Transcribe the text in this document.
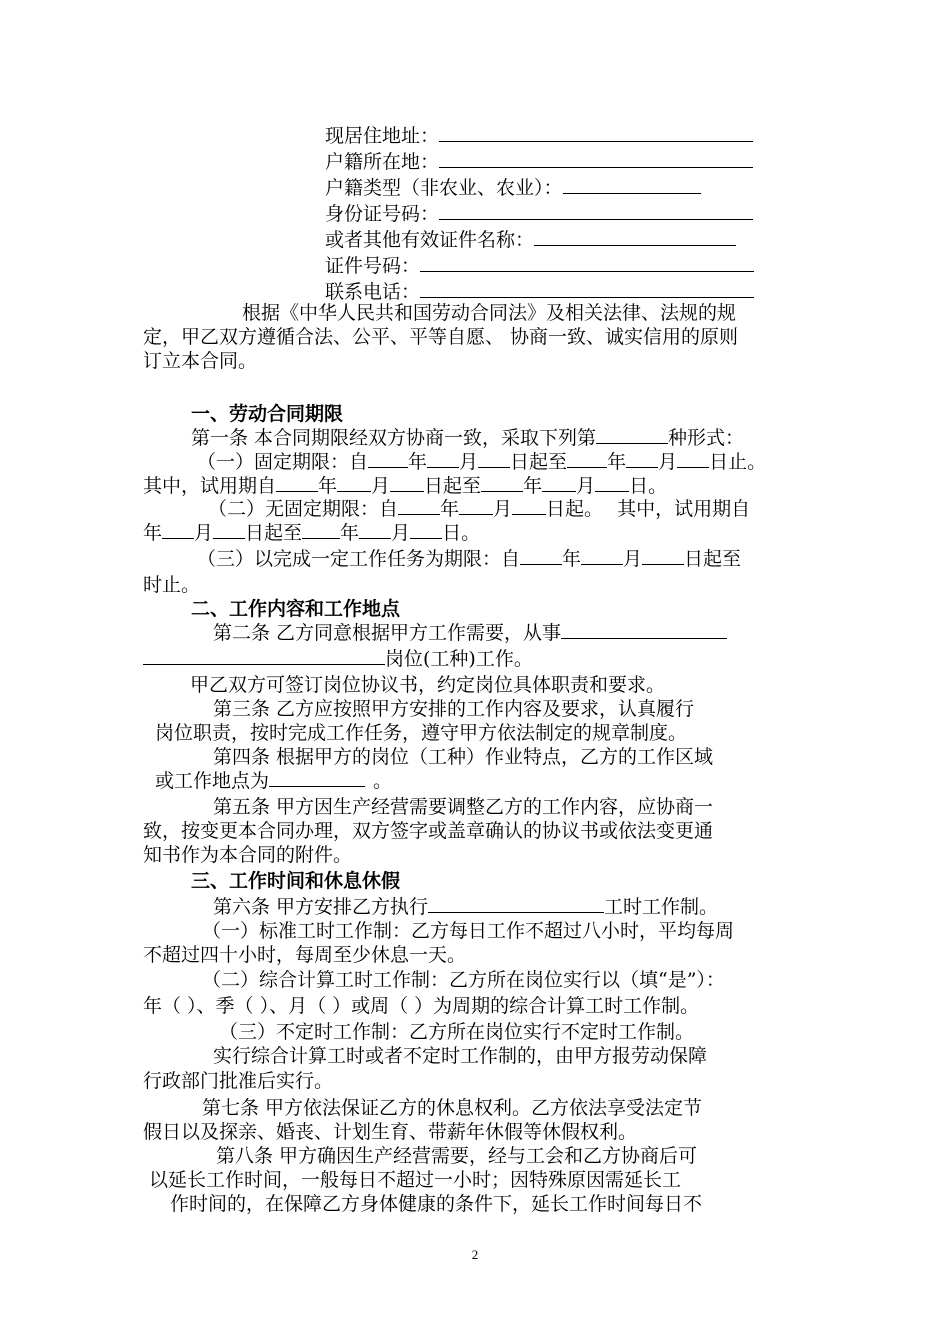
现居住地址：
户籍所在地：
户籍类型（非农业、农业）：
身份证号码：
或者其他有效证件名称：
证件号码：
联系电话：
根据《中华人民共和国劳动合同法》及相关法律、法规的规
定，甲乙双方遵循合法、公平、平等自愿、 协商一致、诚实信用的原则
订立本合同。
一、劳动合同期限
第一条 本合同期限经双方协商一致，采取下列第	种形式：
（一）固定期限：自 年 月 日起至 年 月 日止。
其中，试用期自 年 月 日起至 年 月 日。
（二）无固定期限：自 年 月 日起。 其中，试用期自
年 月 日起至 年 月 日。
（三）以完成一定工作任务为期限：自 年 月 日起至
时止。
二、工作内容和工作地点
第二条 乙方同意根据甲方工作需要，从事
岗位(工种)工作。
甲乙双方可签订岗位协议书，约定岗位具体职责和要求。
第三条 乙方应按照甲方安排的工作内容及要求，认真履行
岗位职责，按时完成工作任务，遵守甲方依法制定的规章制度。
第四条 根据甲方的岗位（工种）作业特点，乙方的工作区域
或工作地点为	。
第五条 甲方因生产经营需要调整乙方的工作内容，应协商一
致，按变更本合同办理，双方签字或盖章确认的协议书或依法变更通
知书作为本合同的附件。
三、工作时间和休息休假
第六条 甲方安排乙方执行	工时工作制。
（一）标准工时工作制：乙方每日工作不超过八小时，平均每周
不超过四十小时，每周至少休息一天。
（二）综合计算工时工作制：乙方所在岗位实行以（填“是”）：
年（ ）、季（ ）、月（ ）或周（ ）为周期的综合计算工时工作制。
（三）不定时工作制：乙方所在岗位实行不定时工作制。
实行综合计算工时或者不定时工作制的，由甲方报劳动保障
行政部门批准后实行。
第七条 甲方依法保证乙方的休息权利。乙方依法享受法定节
假日以及探亲、婚丧、计划生育、带薪年休假等休假权利。
第八条 甲方确因生产经营需要，经与工会和乙方协商后可
以延长工作时间，一般每日不超过一小时；因特殊原因需延长工
作时间的，在保障乙方身体健康的条件下，延长工作时间每日不
2
